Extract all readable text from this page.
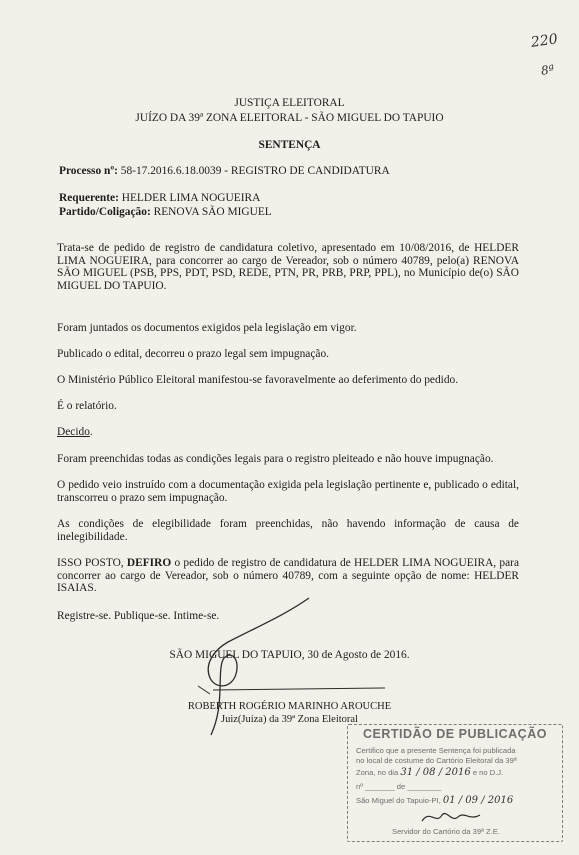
220
8ª
JUSTIÇA ELEITORAL
JUÍZO DA 39ª ZONA ELEITORAL - SÃO MIGUEL DO TAPUIO
SENTENÇA
Processo nº: 58-17.2016.6.18.0039 - REGISTRO DE CANDIDATURA
Requerente: HELDER LIMA NOGUEIRA
Partido/Coligação: RENOVA SÃO MIGUEL
Trata-se de pedido de registro de candidatura coletivo, apresentado em 10/08/2016, de HELDER LIMA NOGUEIRA, para concorrer ao cargo de Vereador, sob o número 40789, pelo(a) RENOVA SÃO MIGUEL (PSB, PPS, PDT, PSD, REDE, PTN, PR, PRB, PRP, PPL), no Município de(o) SÃO MIGUEL DO TAPUIO.
Foram juntados os documentos exigidos pela legislação em vigor.
Publicado o edital, decorreu o prazo legal sem impugnação.
O Ministério Público Eleitoral manifestou-se favoravelmente ao deferimento do pedido.
É o relatório.
Decido.
Foram preenchidas todas as condições legais para o registro pleiteado e não houve impugnação.
O pedido veio instruído com a documentação exigida pela legislação pertinente e, publicado o edital, transcorreu o prazo sem impugnação.
As condições de elegibilidade foram preenchidas, não havendo informação de causa de inelegibilidade.
ISSO POSTO, DEFIRO o pedido de registro de candidatura de HELDER LIMA NOGUEIRA, para concorrer ao cargo de Vereador, sob o número 40789, com a seguinte opção de nome: HELDER ISAIAS.
Registre-se. Publique-se. Intime-se.
SÃO MIGUEL DO TAPUIO, 30 de Agosto de 2016.
ROBERTH ROGÉRIO MARINHO AROUCHE
Juiz(Juíza) da 39ª Zona Eleitoral
CERTIDÃO DE PUBLICAÇÃO
Certifico que a presente Sentença foi publicada
no local de costume do Cartório Eleitoral da 39ª
Zona, no dia 31 / 08 / 2016 e no D.J.
nº _______ de ________
São Miguel do Tapuio-PI, 01 / 09 / 2016
Servidor do Cartório da 39ª Z.E.
